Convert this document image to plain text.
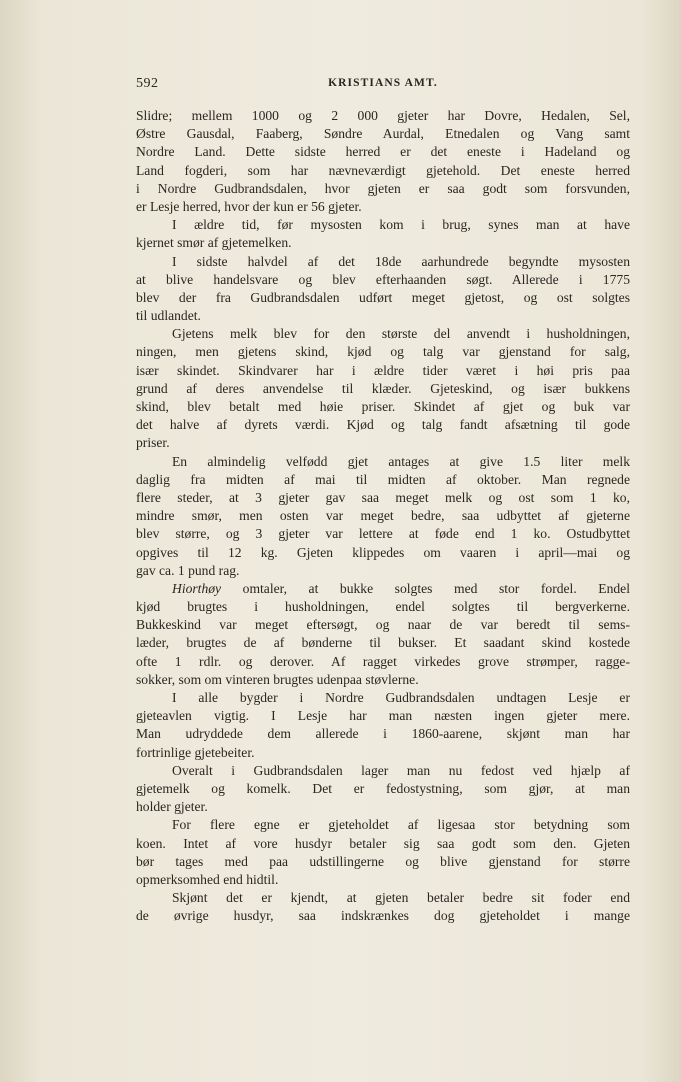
592	KRISTIANS AMT.
Slidre; mellem 1000 og 2 000 gjeter har Dovre, Hedalen, Sel,
Østre Gausdal, Faaberg, Søndre Aurdal, Etnedalen og Vang samt
Nordre Land. Dette sidste herred er det eneste i Hadeland og
Land fogderi, som har nævneværdigt gjetehold. Det eneste herred
i Nordre Gudbrandsdalen, hvor gjeten er saa godt som forsvunden,
er Lesje herred, hvor der kun er 56 gjeter.
I ældre tid, før mysosten kom i brug, synes man at have
kjernet smør af gjetemelken.
I sidste halvdel af det 18de aarhundrede begyndte mysosten
at blive handelsvare og blev efterhaanden søgt. Allerede i 1775
blev der fra Gudbrandsdalen udført meget gjetost, og ost solgtes
til udlandet.
Gjetens melk blev for den største del anvendt i husholdningen,
ningen, men gjetens skind, kjød og talg var gjenstand for salg,
især skindet. Skindvarer har i ældre tider været i høi pris paa
grund af deres anvendelse til klæder. Gjeteskind, og især bukkens
skind, blev betalt med høie priser. Skindet af gjet og buk var
det halve af dyrets værdi. Kjød og talg fandt afsætning til gode
priser.
En almindelig velfødd gjet antages at give 1.5 liter melk
daglig fra midten af mai til midten af oktober. Man regnede
flere steder, at 3 gjeter gav saa meget melk og ost som 1 ko,
mindre smør, men osten var meget bedre, saa udbyttet af gjeterne
blev større, og 3 gjeter var lettere at føde end 1 ko. Ostudbyttet
opgives til 12 kg. Gjeten klippedes om vaaren i april—mai og
gav ca. 1 pund rag.
Hiorthøy omtaler, at bukke solgtes med stor fordel. Endel
kjød brugtes i husholdningen, endel solgtes til bergverkerne.
Bukkeskind var meget eftersøgt, og naar de var beredt til sems-
læder, brugtes de af bønderne til bukser. Et saadant skind kostede
ofte 1 rdlr. og derover. Af ragget virkedes grove strømper, ragge-
sokker, som om vinteren brugtes udenpaa støvlerne.
I alle bygder i Nordre Gudbrandsdalen undtagen Lesje er
gjeteavlen vigtig. I Lesje har man næsten ingen gjeter mere.
Man udryddede dem allerede i 1860-aarene, skjønt man har
fortrinlige gjetebeiter.
Overalt i Gudbrandsdalen lager man nu fedost ved hjælp af
gjetemelk og komelk. Det er fedostystning, som gjør, at man
holder gjeter.
For flere egne er gjeteholdet af ligesaa stor betydning som
koen. Intet af vore husdyr betaler sig saa godt som den. Gjeten
bør tages med paa udstillingerne og blive gjenstand for større
opmerksomhed end hidtil.
Skjønt det er kjendt, at gjeten betaler bedre sit foder end
de øvrige husdyr, saa indskrænkes dog gjeteholdet i mange
